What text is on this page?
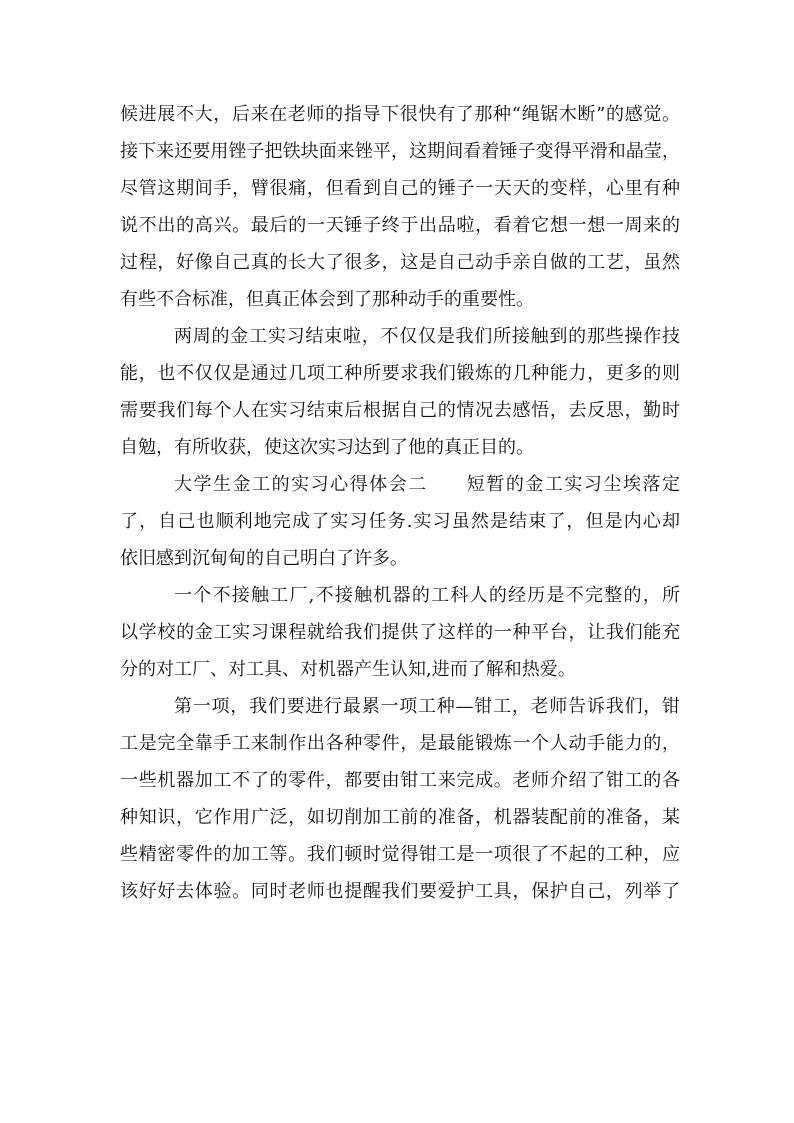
候进展不大，后来在老师的指导下很快有了那种“绳锯木断”的感觉。
接下来还要用锉子把铁块面来锉平，这期间看着锤子变得平滑和晶莹，
尽管这期间手，臂很痛，但看到自己的锤子一天天的变样，心里有种
说不出的高兴。最后的一天锤子终于出品啦，看着它想一想一周来的
过程，好像自己真的长大了很多，这是自己动手亲自做的工艺，虽然
有些不合标准，但真正体会到了那种动手的重要性。
两周的金工实习结束啦，不仅仅是我们所接触到的那些操作技
能，也不仅仅是通过几项工种所要求我们锻炼的几种能力，更多的则
需要我们每个人在实习结束后根据自己的情况去感悟，去反思，勤时
自勉，有所收获，使这次实习达到了他的真正目的。
大学生金工的实习心得体会二　　短暂的金工实习尘埃落定
了，自己也顺利地完成了实习任务.实习虽然是结束了，但是内心却
依旧感到沉甸甸的自己明白了许多。
一个不接触工厂,不接触机器的工科人的经历是不完整的，所
以学校的金工实习课程就给我们提供了这样的一种平台，让我们能充
分的对工厂、对工具、对机器产生认知,进而了解和热爱。
第一项，我们要进行最累一项工种—钳工，老师告诉我们，钳
工是完全靠手工来制作出各种零件，是最能锻炼一个人动手能力的，
一些机器加工不了的零件，都要由钳工来完成。老师介绍了钳工的各
种知识，它作用广泛，如切削加工前的准备，机器装配前的准备，某
些精密零件的加工等。我们顿时觉得钳工是一项很了不起的工种，应
该好好去体验。同时老师也提醒我们要爱护工具，保护自己，列举了
